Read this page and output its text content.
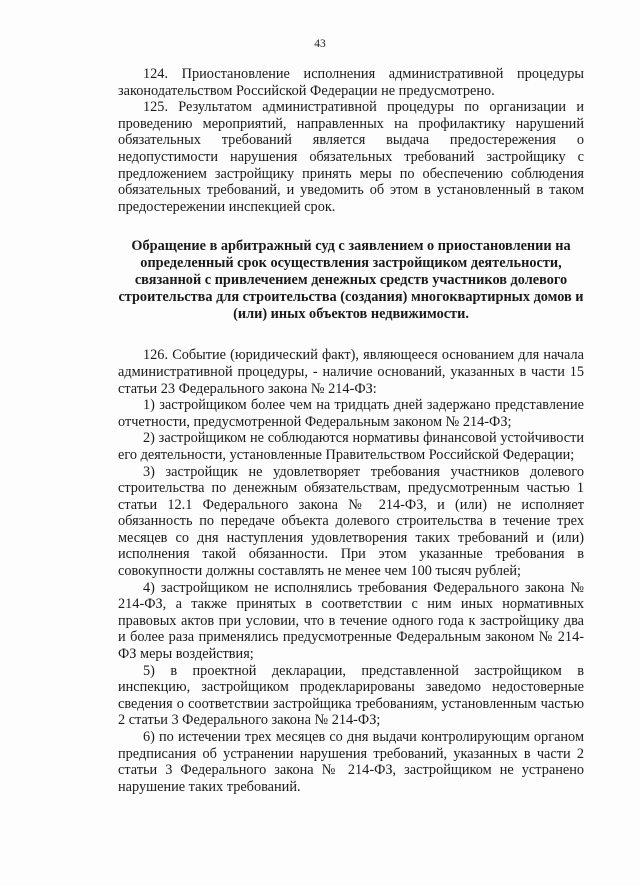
43

124. Приостановление исполнения административной процедуры законодательством Российской Федерации не предусмотрено.

125. Результатом административной процедуры по организации и проведению мероприятий, направленных на профилактику нарушений обязательных требований является выдача предостережения о недопустимости нарушения обязательных требований застройщику с предложением застройщику принять меры по обеспечению соблюдения обязательных требований, и уведомить об этом в установленный в таком предостережении инспекцией срок.

Обращение в арбитражный суд с заявлением о приостановлении на определенный срок осуществления застройщиком деятельности, связанной с привлечением денежных средств участников долевого строительства для строительства (создания) многоквартирных домов и (или) иных объектов недвижимости.

126. Событие (юридический факт), являющееся основанием для начала административной процедуры, - наличие оснований, указанных в части 15 статьи 23 Федерального закона № 214-ФЗ:

1) застройщиком более чем на тридцать дней задержано представление отчетности, предусмотренной Федеральным законом № 214-ФЗ;

2) застройщиком не соблюдаются нормативы финансовой устойчивости его деятельности, установленные Правительством Российской Федерации;

3) застройщик не удовлетворяет требования участников долевого строительства по денежным обязательствам, предусмотренным частью 1 статьи 12.1 Федерального закона № 214-ФЗ, и (или) не исполняет обязанность по передаче объекта долевого строительства в течение трех месяцев со дня наступления удовлетворения таких требований и (или) исполнения такой обязанности. При этом указанные требования в совокупности должны составлять не менее чем 100 тысяч рублей;

4) застройщиком не исполнялись требования Федерального закона № 214-ФЗ, а также принятых в соответствии с ним иных нормативных правовых актов при условии, что в течение одного года к застройщику два и более раза применялись предусмотренные Федеральным законом № 214-ФЗ меры воздействия;

5) в проектной декларации, представленной застройщиком в инспекцию, застройщиком продекларированы заведомо недостоверные сведения о соответствии застройщика требованиям, установленным частью 2 статьи 3 Федерального закона № 214-ФЗ;

6) по истечении трех месяцев со дня выдачи контролирующим органом предписания об устранении нарушения требований, указанных в части 2 статьи 3 Федерального закона № 214-ФЗ, застройщиком не устранено нарушение таких требований.
